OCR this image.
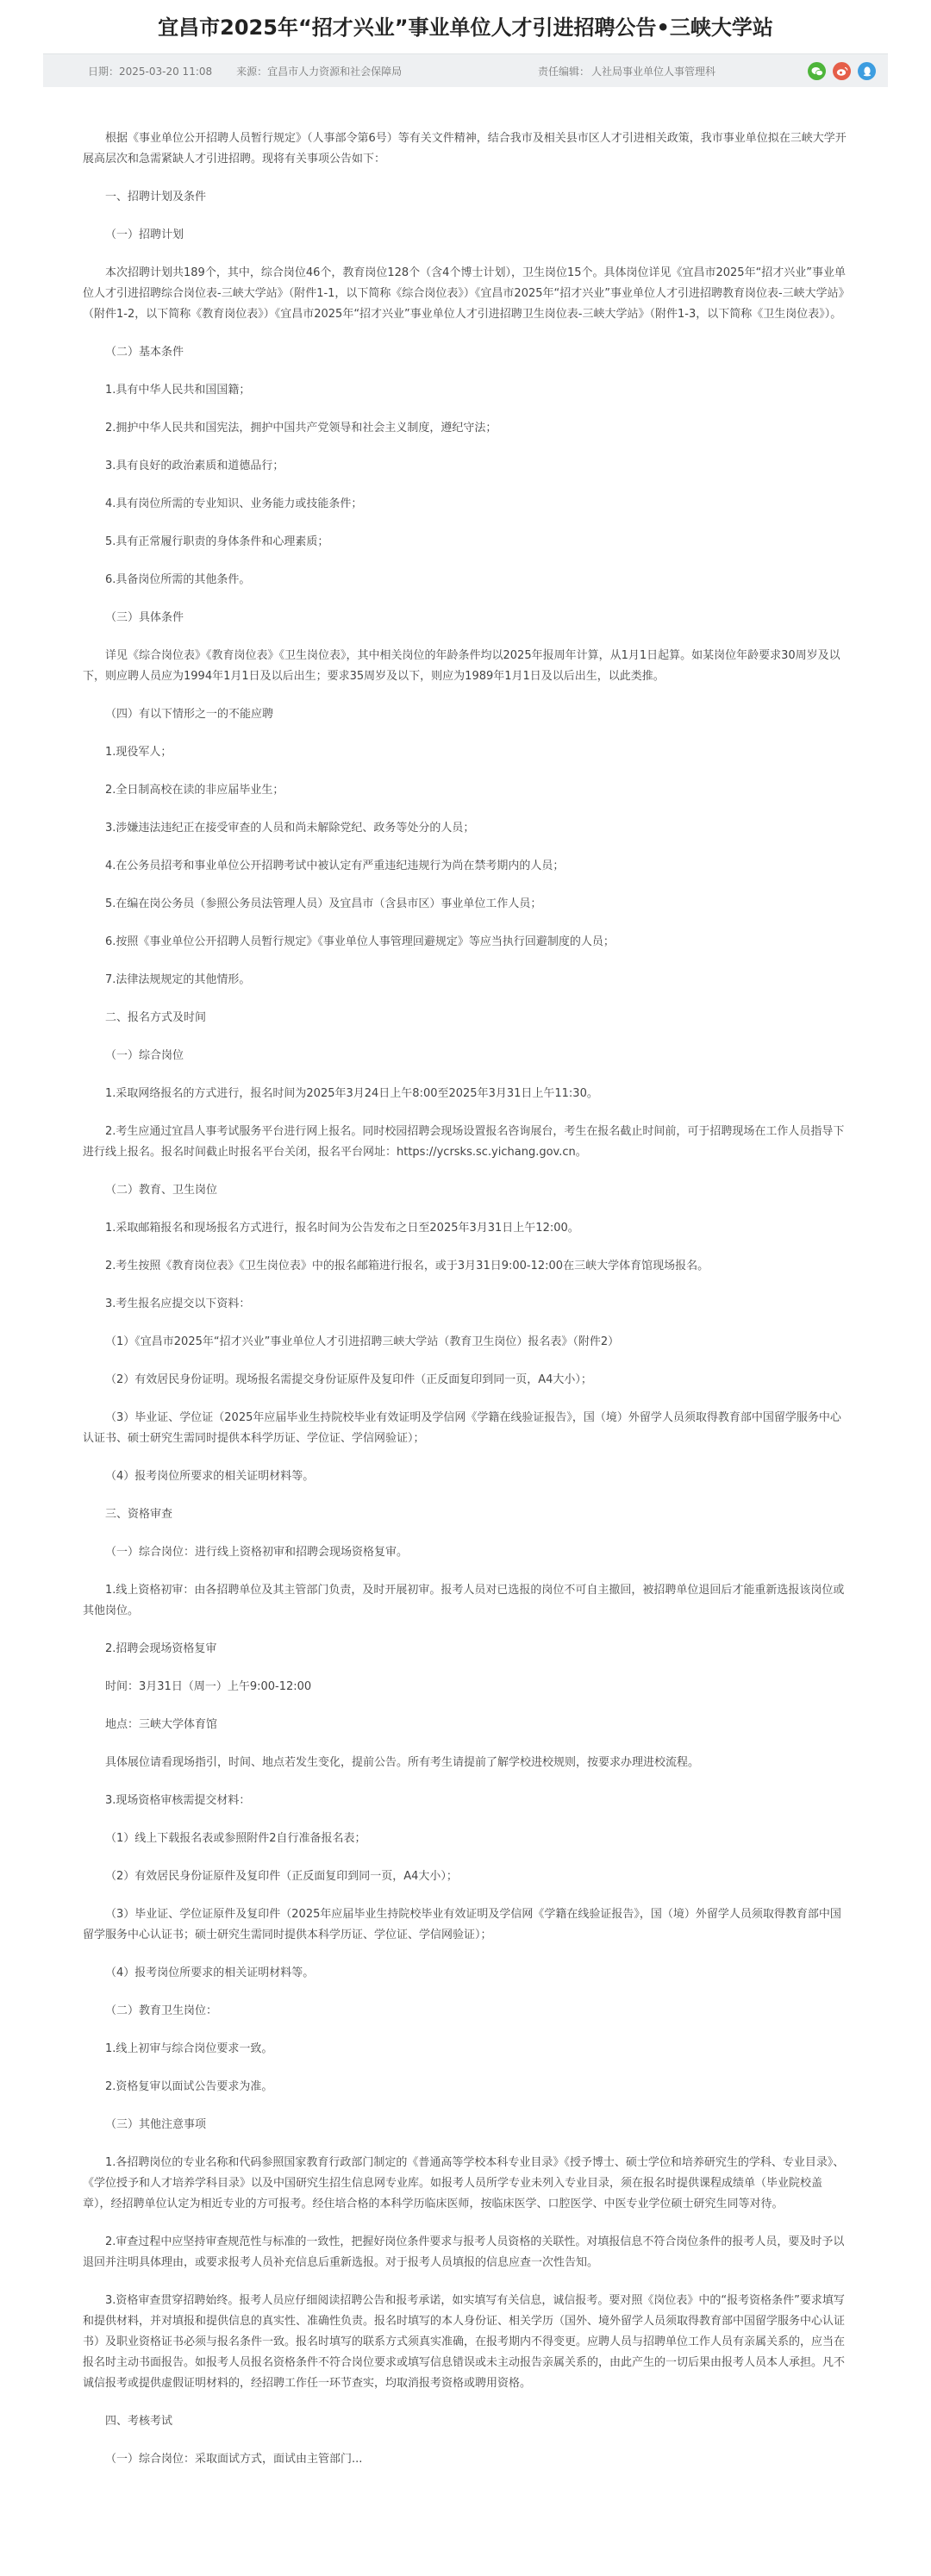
宜昌市2025年“招才兴业”事业单位人才引进招聘公告•三峡大学站
日期：2025-03-20 11:08 来源：宜昌市人力资源和社会保障局	责任编辑： 人社局事业单位人事管理科

根据《事业单位公开招聘人员暂行规定》（人事部令第6号）等有关文件精神，结合我市及相关县市区人才引进相关政策，我市事业单位拟在三峡大学开展高层次和急需紧缺人才引进招聘。现将有关事项公告如下：

一、招聘计划及条件

（一）招聘计划

本次招聘计划共189个，其中，综合岗位46个，教育岗位128个（含4个博士计划），卫生岗位15个。具体岗位详见《宜昌市2025年“招才兴业”事业单位人才引进招聘综合岗位表-三峡大学站》（附件1-1，以下简称《综合岗位表》）《宜昌市2025年“招才兴业”事业单位人才引进招聘教育岗位表-三峡大学站》（附件1-2，以下简称《教育岗位表》）《宜昌市2025年“招才兴业”事业单位人才引进招聘卫生岗位表-三峡大学站》（附件1-3，以下简称《卫生岗位表》）。

（二）基本条件

1.具有中华人民共和国国籍；

2.拥护中华人民共和国宪法，拥护中国共产党领导和社会主义制度，遵纪守法；

3.具有良好的政治素质和道德品行；

4.具有岗位所需的专业知识、业务能力或技能条件；

5.具有正常履行职责的身体条件和心理素质；

6.具备岗位所需的其他条件。

（三）具体条件

详见《综合岗位表》《教育岗位表》《卫生岗位表》，其中相关岗位的年龄条件均以2025年报周年计算，从1月1日起算。如某岗位年龄要求30周岁及以下，则应聘人员应为1994年1月1日及以后出生；要求35周岁及以下，则应为1989年1月1日及以后出生，以此类推。

（四）有以下情形之一的不能应聘

1.现役军人；

2.全日制高校在读的非应届毕业生；

3.涉嫌违法违纪正在接受审查的人员和尚未解除党纪、政务等处分的人员；

4.在公务员招考和事业单位公开招聘考试中被认定有严重违纪违规行为尚在禁考期内的人员；

5.在编在岗公务员（参照公务员法管理人员）及宜昌市（含县市区）事业单位工作人员；

6.按照《事业单位公开招聘人员暂行规定》《事业单位人事管理回避规定》等应当执行回避制度的人员；

7.法律法规规定的其他情形。

二、报名方式及时间

（一）综合岗位

1.采取网络报名的方式进行，报名时间为2025年3月24日上午8:00至2025年3月31日上午11:30。

2.考生应通过宜昌人事考试服务平台进行网上报名。同时校园招聘会现场设置报名咨询展台，考生在报名截止时间前，可于招聘现场在工作人员指导下进行线上报名。报名时间截止时报名平台关闭，报名平台网址：https://ycrsks.sc.yichang.gov.cn。

（二）教育、卫生岗位

1.采取邮箱报名和现场报名方式进行，报名时间为公告发布之日至2025年3月31日上午12:00。

2.考生按照《教育岗位表》《卫生岗位表》中的报名邮箱进行报名，或于3月31日9:00-12:00在三峡大学体育馆现场报名。

3.考生报名应提交以下资料：

（1）《宜昌市2025年“招才兴业”事业单位人才引进招聘三峡大学站（教育卫生岗位）报名表》（附件2）

（2）有效居民身份证明。现场报名需提交身份证原件及复印件（正反面复印到同一页，A4大小）；

（3）毕业证、学位证（2025年应届毕业生持院校毕业有效证明及学信网《学籍在线验证报告》，国（境）外留学人员须取得教育部中国留学服务中心认证书、硕士研究生需同时提供本科学历证、学位证、学信网验证）；

（4）报考岗位所要求的相关证明材料等。

三、资格审查

（一）综合岗位：进行线上资格初审和招聘会现场资格复审。

1.线上资格初审：由各招聘单位及其主管部门负责，及时开展初审。报考人员对已选报的岗位不可自主撤回，被招聘单位退回后才能重新选报该岗位或其他岗位。

2.招聘会现场资格复审

时间：3月31日（周一）上午9:00-12:00

地点：三峡大学体育馆

具体展位请看现场指引，时间、地点若发生变化，提前公告。所有考生请提前了解学校进校规则，按要求办理进校流程。

3.现场资格审核需提交材料：

（1）线上下载报名表或参照附件2自行准备报名表；

（2）有效居民身份证原件及复印件（正反面复印到同一页，A4大小）；

（3）毕业证、学位证原件及复印件（2025年应届毕业生持院校毕业有效证明及学信网《学籍在线验证报告》，国（境）外留学人员须取得教育部中国留学服务中心认证书；硕士研究生需同时提供本科学历证、学位证、学信网验证）；

（4）报考岗位所要求的相关证明材料等。

（二）教育卫生岗位：

1.线上初审与综合岗位要求一致。

2.资格复审以面试公告要求为准。

（三）其他注意事项

1.各招聘岗位的专业名称和代码参照国家教育行政部门制定的《普通高等学校本科专业目录》《授予博士、硕士学位和培养研究生的学科、专业目录》、《学位授予和人才培养学科目录》以及中国研究生招生信息网专业库。如报考人员所学专业未列入专业目录，须在报名时提供课程成绩单（毕业院校盖章），经招聘单位认定为相近专业的方可报考。经住培合格的本科学历临床医师，按临床医学、口腔医学、中医专业学位硕士研究生同等对待。

2.审查过程中应坚持审查规范性与标准的一致性，把握好岗位条件要求与报考人员资格的关联性。对填报信息不符合岗位条件的报考人员，要及时予以退回并注明具体理由，或要求报考人员补充信息后重新选报。对于报考人员填报的信息应查一次性告知。

3.资格审查贯穿招聘始终。报考人员应仔细阅读招聘公告和报考承诺，如实填写有关信息，诚信报考。要对照《岗位表》中的“报考资格条件”要求填写和提供材料，并对填报和提供信息的真实性、准确性负责。报名时填写的本人身份证、相关学历（国外、境外留学人员须取得教育部中国留学服务中心认证书）及职业资格证书必须与报名条件一致。报名时填写的联系方式须真实准确，在报考期内不得变更。应聘人员与招聘单位工作人员有亲属关系的，应当在报名时主动书面报告。如报考人员报名资格条件不符合岗位要求或填写信息错误或未主动报告亲属关系的，由此产生的一切后果由报考人员本人承担。凡不诚信报考或提供虚假证明材料的，经招聘工作任一环节查实，均取消报考资格或聘用资格。

四、考核考试

（一）综合岗位：采取面试方式，面试由主管部门...
